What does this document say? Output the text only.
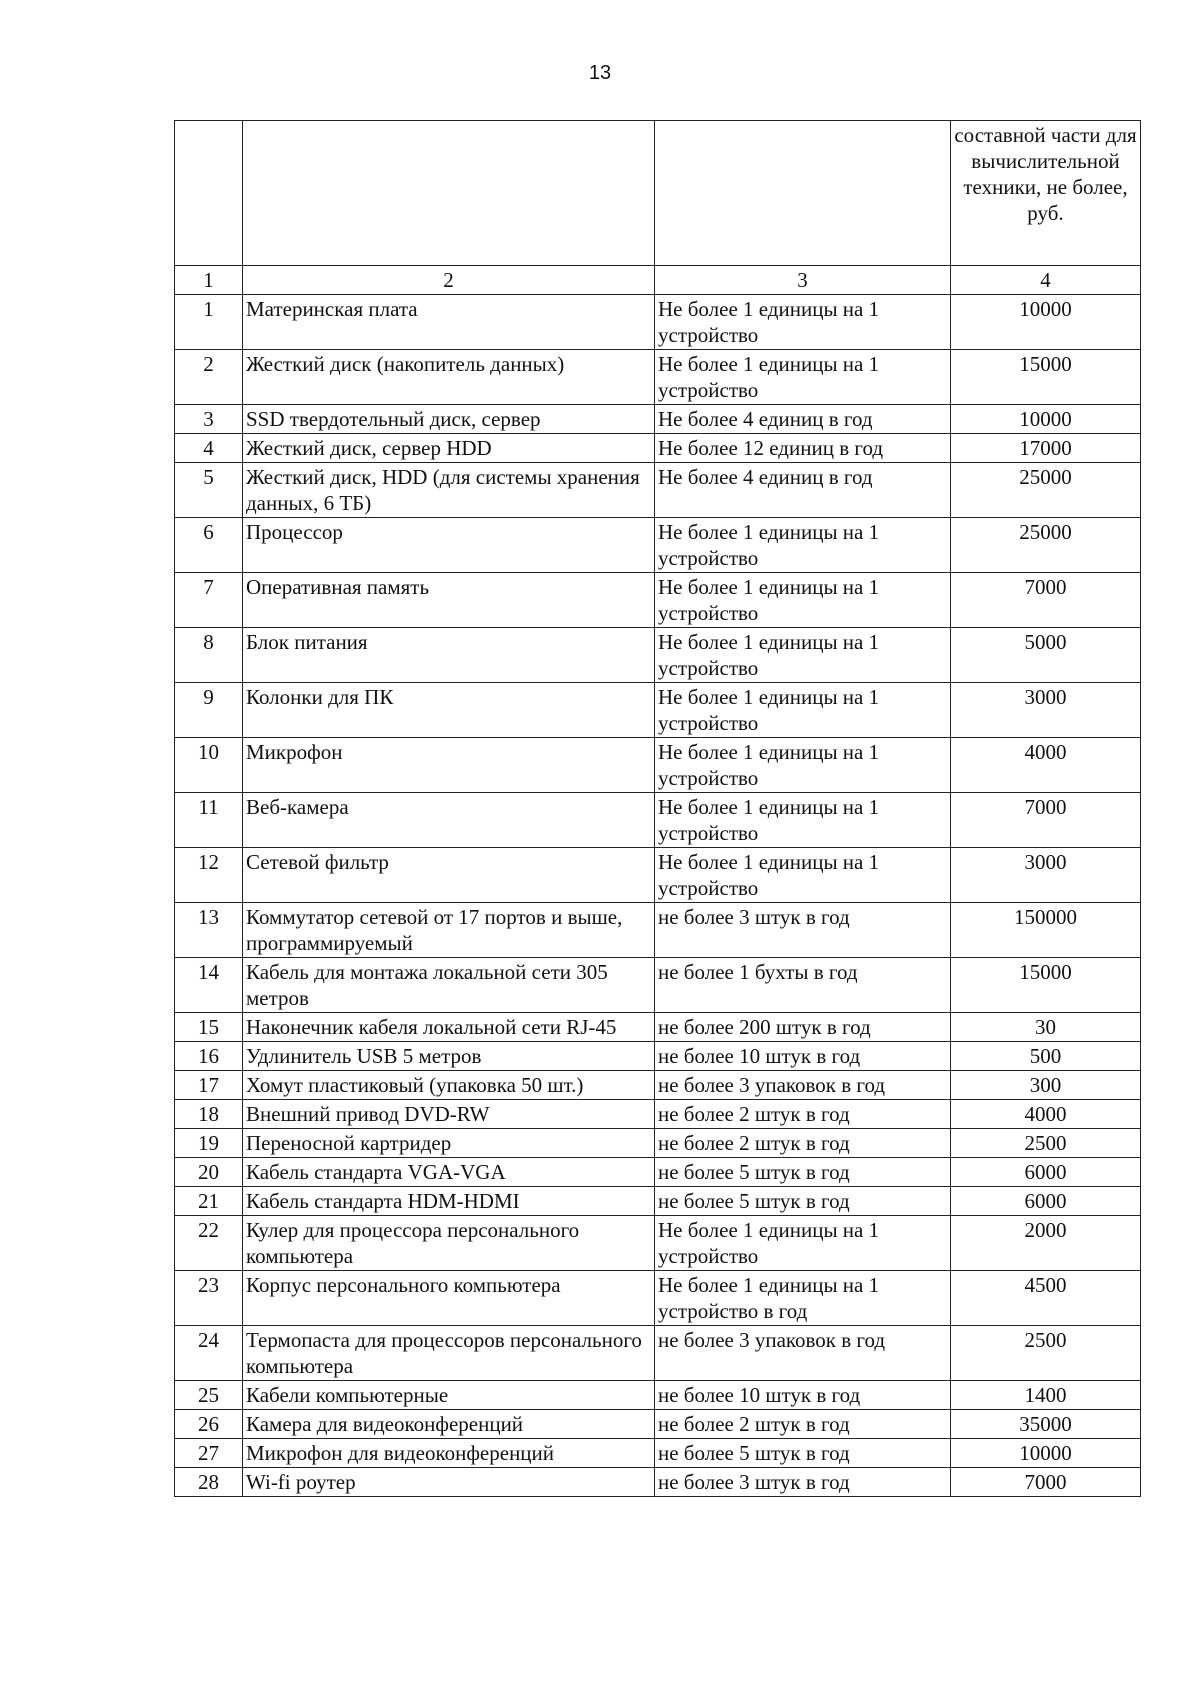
13
			составной части для вычислительной техники, не более, руб.
1	2	3	4
1	Материнская плата	Не более 1 единицы на 1 устройство	10000
2	Жесткий диск (накопитель данных)	Не более 1 единицы на 1 устройство	15000
3	SSD твердотельный диск, сервер	Не более 4 единиц в год	10000
4	Жесткий диск, сервер HDD	Не более 12 единиц в год	17000
5	Жесткий диск, HDD (для системы хранения данных, 6 ТБ)	Не более 4 единиц в год	25000
6	Процессор	Не более 1 единицы на 1 устройство	25000
7	Оперативная память	Не более 1 единицы на 1 устройство	7000
8	Блок питания	Не более 1 единицы на 1 устройство	5000
9	Колонки для ПК	Не более 1 единицы на 1 устройство	3000
10	Микрофон	Не более 1 единицы на 1 устройство	4000
11	Веб-камера	Не более 1 единицы на 1 устройство	7000
12	Сетевой фильтр	Не более 1 единицы на 1 устройство	3000
13	Коммутатор сетевой от 17 портов и выше, программируемый	не более 3 штук в год	150000
14	Кабель для монтажа локальной сети 305 метров	не более 1 бухты в год	15000
15	Наконечник кабеля локальной сети RJ-45	не более 200 штук в год	30
16	Удлинитель USB 5 метров	не более 10 штук в год	500
17	Хомут пластиковый (упаковка 50 шт.)	не более 3 упаковок в год	300
18	Внешний привод DVD-RW	не более 2 штук в год	4000
19	Переносной картридер	не более 2 штук в год	2500
20	Кабель стандарта VGA-VGA	не более 5 штук в год	6000
21	Кабель стандарта HDM-HDMI	не более 5 штук в год	6000
22	Кулер для процессора персонального компьютера	Не более 1 единицы на 1 устройство	2000
23	Корпус персонального компьютера	Не более 1 единицы на 1 устройство в год	4500
24	Термопаста для процессоров персонального компьютера	не более 3 упаковок в год	2500
25	Кабели компьютерные	не более 10 штук в год	1400
26	Камера для видеоконференций	не более 2 штук в год	35000
27	Микрофон для видеоконференций	не более 5 штук в год	10000
28	Wi-fi роутер	не более 3 штук в год	7000
